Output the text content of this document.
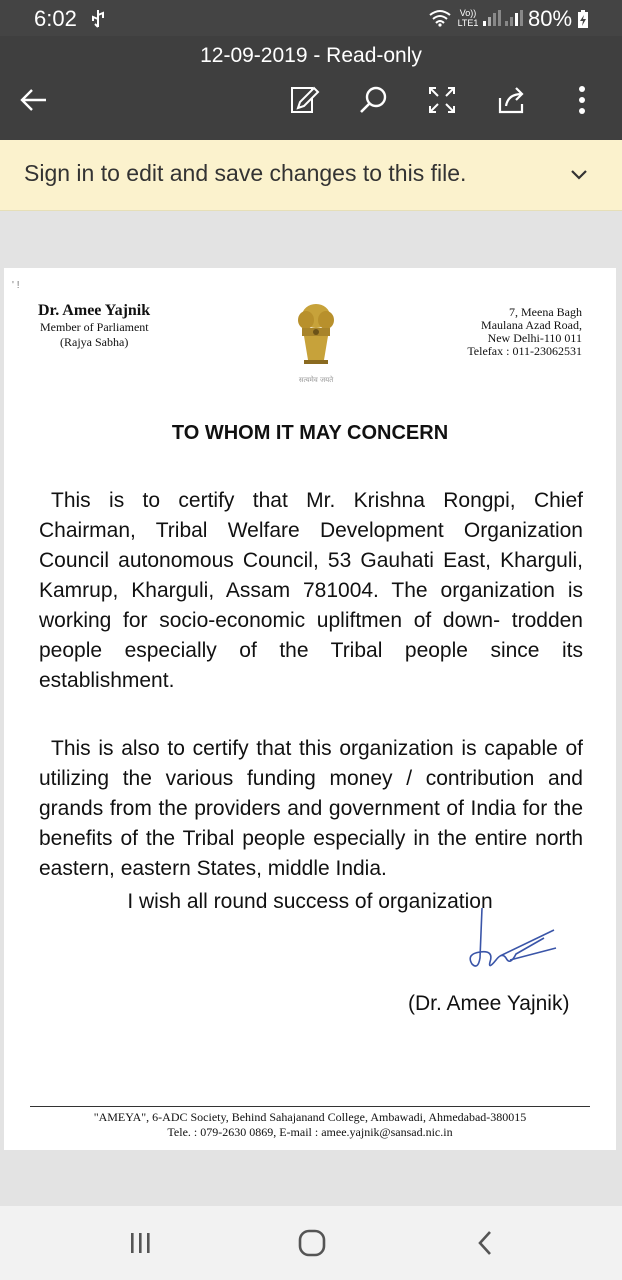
6:02	Vo)) LTE1 80%
12-09-2019 - Read-only
Sign in to edit and save changes to this file.
' !
Dr. Amee Yajnik
Member of Parliament
(Rajya Sabha)
सत्यमेव जयते
7, Meena Bagh
Maulana Azad Road,
New Delhi-110 011
Telefax : 011-23062531
TO WHOM IT MAY CONCERN
This is to certify that Mr. Krishna Rongpi, Chief Chairman, Tribal Welfare Development Organization Council autonomous Council, 53 Gauhati East, Kharguli, Kamrup, Kharguli, Assam 781004. The organization is working for socio-economic upliftmen of down- trodden people especially of the Tribal people since its establishment.
This is also to certify that this organization is capable of utilizing the various funding money / contribution and grands from the providers and government of India for the benefits of the Tribal people especially in the entire north eastern, eastern States, middle India.
I wish all round success of organization
(Dr. Amee Yajnik)
"AMEYA", 6-ADC Society, Behind Sahajanand College, Ambawadi, Ahmedabad-380015
Tele. : 079-2630 0869, E-mail : amee.yajnik@sansad.nic.in
